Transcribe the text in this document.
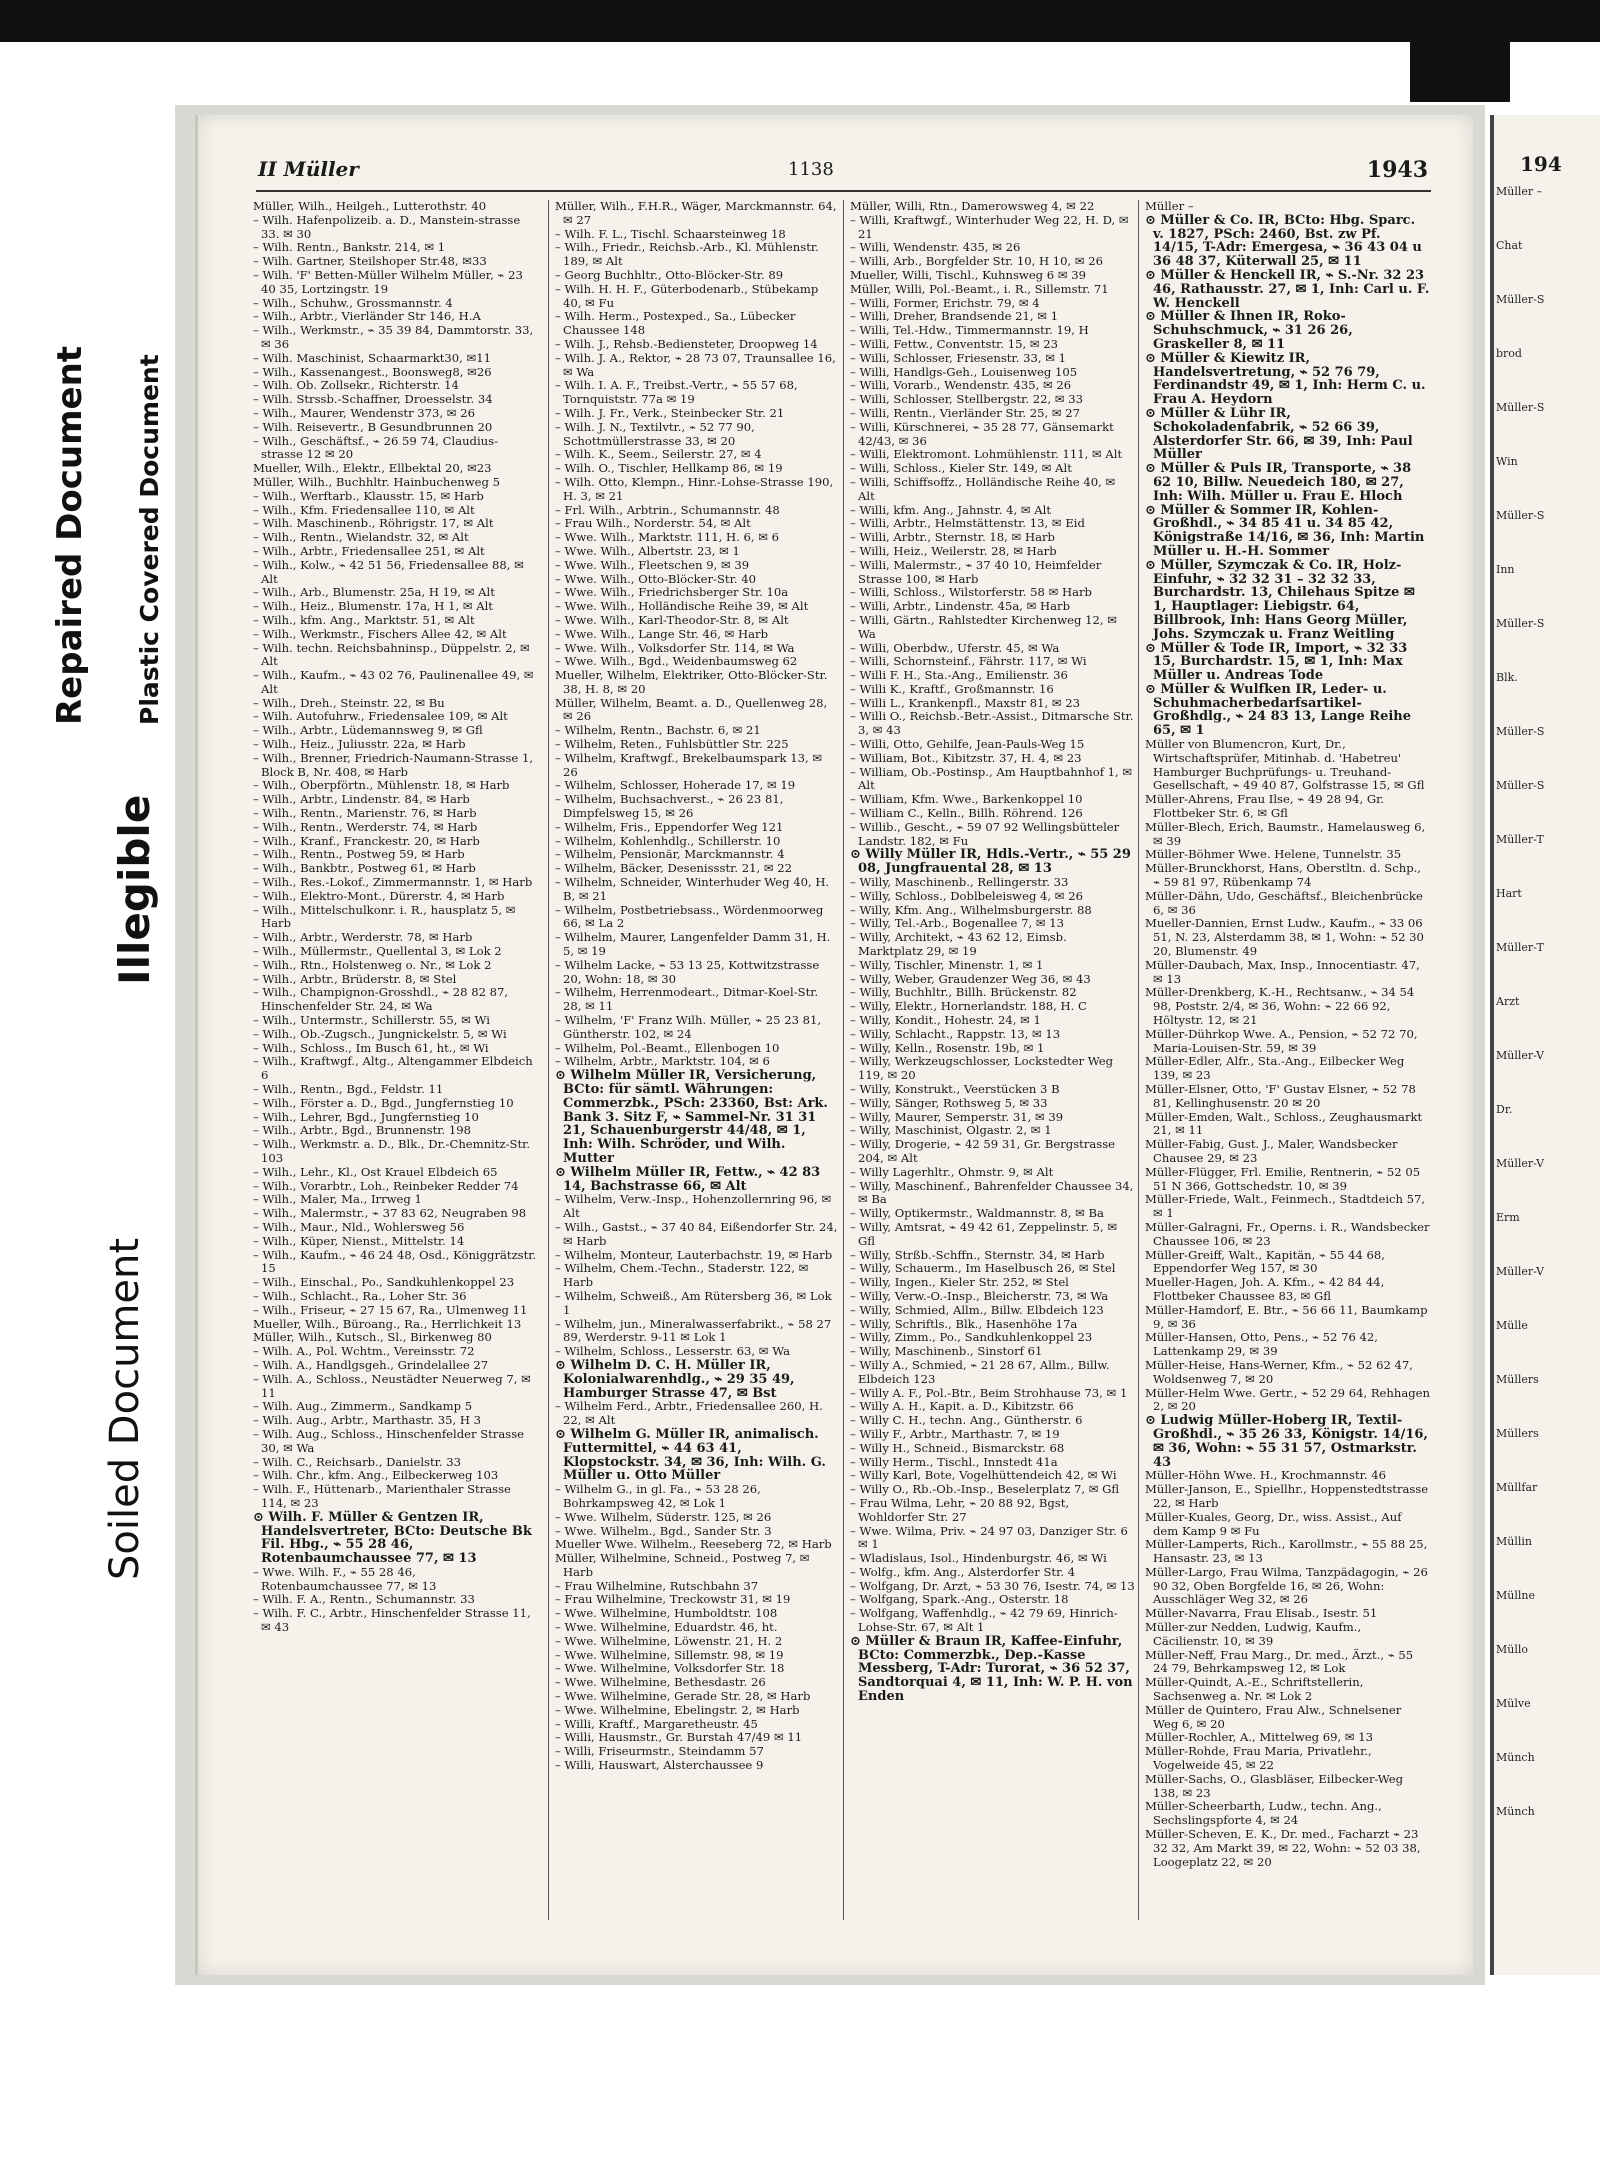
Repaired Document Plastic Covered Document
Illegible
Soiled Document
II Müller	1138	1943

Müller, Wilh., Heilgeh., Lutterothstr. 40

– Wilh. Hafenpolizeib. a. D., Manstein-strasse 33. ✉ 30

– Wilh. Rentn., Bankstr. 214, ✉ 1

– Wilh. Gartner, Steilshoper Str.48, ✉33

– Wilh. 'F' Betten-Müller Wilhelm Müller, ⌁ 23 40 35, Lortzingstr. 19

– Wilh., Schuhw., Grossmannstr. 4

– Wilh., Arbtr., Vierländer Str 146, H.A

– Wilh., Werkmstr., ⌁ 35 39 84, Dammtorstr. 33, ✉ 36

– Wilh. Maschinist, Schaarmarkt30, ✉11

– Wilh., Kassenangest., Boonsweg8, ✉26

– Wilh. Ob. Zollsekr., Richterstr. 14

– Wilh. Strssb.-Schaffner, Droesselstr. 34

– Wilh., Maurer, Wendenstr 373, ✉ 26

– Wilh. Reisevertr., B Gesundbrunnen 20

– Wilh., Geschäftsf., ⌁ 26 59 74, Claudius-strasse 12 ✉ 20

Mueller, Wilh., Elektr., Ellbektal 20, ✉23

Müller, Wilh., Buchhltr. Hainbuchenweg 5

– Wilh., Werftarb., Klausstr. 15, ✉ Harb

– Wilh., Kfm. Friedensallee 110, ✉ Alt

– Wilh. Maschinenb., Röhrigstr. 17, ✉ Alt

– Wilh., Rentn., Wielandstr. 32, ✉ Alt

– Wilh., Arbtr., Friedensallee 251, ✉ Alt

– Wilh., Kolw., ⌁ 42 51 56, Friedensallee 88, ✉ Alt

– Wilh., Arb., Blumenstr. 25a, H 19, ✉ Alt

– Wilh., Heiz., Blumenstr. 17a, H 1, ✉ Alt

– Wilh., kfm. Ang., Marktstr. 51, ✉ Alt

– Wilh., Werkmstr., Fischers Allee 42, ✉ Alt

– Wilh. techn. Reichsbahninsp., Düppelstr. 2, ✉ Alt

– Wilh., Kaufm., ⌁ 43 02 76, Paulinenallee 49, ✉ Alt

– Wilh., Dreh., Steinstr. 22, ✉ Bu

– Wilh. Autofuhrw., Friedensalee 109, ✉ Alt

– Wilh., Arbtr., Lüdemannsweg 9, ✉ Gfl

– Wilh., Heiz., Juliusstr. 22a, ✉ Harb

– Wilh., Brenner, Friedrich-Naumann-Strasse 1, Block B, Nr. 408, ✉ Harb

– Wilh., Oberpförtn., Mühlenstr. 18, ✉ Harb

– Wilh., Arbtr., Lindenstr. 84, ✉ Harb

– Wilh., Rentn., Marienstr. 76, ✉ Harb

– Wilh., Rentn., Werderstr. 74, ✉ Harb

– Wilh., Kranf., Franckestr. 20, ✉ Harb

– Wilh., Rentn., Postweg 59, ✉ Harb

– Wilh., Bankbtr., Postweg 61, ✉ Harb

– Wilh., Res.-Lokof., Zimmermannstr. 1, ✉ Harb

– Wilh., Elektro-Mont., Dürerstr. 4, ✉ Harb

– Wilh., Mittelschulkonr. i. R., hausplatz 5, ✉ Harb

– Wilh., Arbtr., Werderstr. 78, ✉ Harb

– Wilh., Müllermstr., Quellental 3, ✉ Lok 2

– Wilh., Rtn., Holstenweg o. Nr., ✉ Lok 2

– Wilh., Arbtr., Brüderstr. 8, ✉ Stel

– Wilh., Champignon-Grosshdl., ⌁ 28 82 87, Hinschenfelder Str. 24, ✉ Wa

– Wilh., Untermstr., Schillerstr. 55, ✉ Wi

– Wilh., Ob.-Zugsch., Jungnickelstr. 5, ✉ Wi

– Wilh., Schloss., Im Busch 61, ht., ✉ Wi

– Wilh., Kraftwgf., Altg., Altengammer Elbdeich 6

– Wilh., Rentn., Bgd., Feldstr. 11

– Wilh., Förster a. D., Bgd., Jungfernstieg 10

– Wilh., Lehrer, Bgd., Jungfernstieg 10

– Wilh., Arbtr., Bgd., Brunnenstr. 198

– Wilh., Werkmstr. a. D., Blk., Dr.-Chemnitz-Str. 103

– Wilh., Lehr., Kl., Ost Krauel Elbdeich 65

– Wilh., Vorarbtr., Loh., Reinbeker Redder 74

– Wilh., Maler, Ma., Irrweg 1

– Wilh., Malermstr., ⌁ 37 83 62, Neugraben 98

– Wilh., Maur., Nld., Wohlersweg 56

– Wilh., Küper, Nienst., Mittelstr. 14

– Wilh., Kaufm., ⌁ 46 24 48, Osd., Königgrätzstr. 15

– Wilh., Einschal., Po., Sandkuhlenkoppel 23

– Wilh., Schlacht., Ra., Loher Str. 36

– Wilh., Friseur, ⌁ 27 15 67, Ra., Ulmenweg 11

Mueller, Wilh., Büroang., Ra., Herrlichkeit 13

Müller, Wilh., Kutsch., Sl., Birkenweg 80

– Wilh. A., Pol. Wchtm., Vereinsstr. 72

– Wilh. A., Handlgsgeh., Grindelallee 27

– Wilh. A., Schloss., Neustädter Neuerweg 7, ✉ 11

– Wilh. Aug., Zimmerm., Sandkamp 5

– Wilh. Aug., Arbtr., Marthastr. 35, H 3

– Wilh. Aug., Schloss., Hinschenfelder Strasse 30, ✉ Wa

– Wilh. C., Reichsarb., Danielstr. 33

– Wilh. Chr., kfm. Ang., Eilbeckerweg 103

– Wilh. F., Hüttenarb., Marienthaler Strasse 114, ✉ 23

⊙ Wilh. F. Müller & Gentzen IR, Handelsvertreter, BCto: Deutsche Bk Fil. Hbg., ⌁ 55 28 46, Rotenbaumchaussee 77, ✉ 13

– Wwe. Wilh. F., ⌁ 55 28 46, Rotenbaumchaussee 77, ✉ 13

– Wilh. F. A., Rentn., Schumannstr. 33

– Wilh. F. C., Arbtr., Hinschenfelder Strasse 11, ✉ 43

Müller, Wilh., F.H.R., Wäger, Marckmannstr. 64, ✉ 27

– Wilh. F. L., Tischl. Schaarsteinweg 18

– Wilh., Friedr., Reichsb.-Arb., Kl. Mühlenstr. 189, ✉ Alt

– Georg Buchhltr., Otto-Blöcker-Str. 89

– Wilh. H. H. F., Güterbodenarb., Stübekamp 40, ✉ Fu

– Wilh. Herm., Postexped., Sa., Lübecker Chaussee 148

– Wilh. J., Rehsb.-Bediensteter, Droopweg 14

– Wilh. J. A., Rektor, ⌁ 28 73 07, Traunsallee 16, ✉ Wa

– Wilh. I. A. F., Treibst.-Vertr., ⌁ 55 57 68, Tornquiststr. 77a ✉ 19

– Wilh. J. Fr., Verk., Steinbecker Str. 21

– Wilh. J. N., Textilvtr., ⌁ 52 77 90, Schottmüllerstrasse 33, ✉ 20

– Wilh. K., Seem., Seilerstr. 27, ✉ 4

– Wilh. O., Tischler, Hellkamp 86, ✉ 19

– Wilh. Otto, Klempn., Hinr.-Lohse-Strasse 190, H. 3, ✉ 21

– Frl. Wilh., Arbtrin., Schumannstr. 48

– Frau Wilh., Norderstr. 54, ✉ Alt

– Wwe. Wilh., Marktstr. 111, H. 6, ✉ 6

– Wwe. Wilh., Albertstr. 23, ✉ 1

– Wwe. Wilh., Fleetschen 9, ✉ 39

– Wwe. Wilh., Otto-Blöcker-Str. 40

– Wwe. Wilh., Friedrichsberger Str. 10a

– Wwe. Wilh., Holländische Reihe 39, ✉ Alt

– Wwe. Wilh., Karl-Theodor-Str. 8, ✉ Alt

– Wwe. Wilh., Lange Str. 46, ✉ Harb

– Wwe. Wilh., Volksdorfer Str. 114, ✉ Wa

– Wwe. Wilh., Bgd., Weidenbaumsweg 62

Mueller, Wilhelm, Elektriker, Otto-Blöcker-Str. 38, H. 8, ✉ 20

Müller, Wilhelm, Beamt. a. D., Quellenweg 28, ✉ 26

– Wilhelm, Rentn., Bachstr. 6, ✉ 21

– Wilhelm, Reten., Fuhlsbüttler Str. 225

– Wilhelm, Kraftwgf., Brekelbaumspark 13, ✉ 26

– Wilhelm, Schlosser, Hoherade 17, ✉ 19

– Wilhelm, Buchsachverst., ⌁ 26 23 81, Dimpfelsweg 15, ✉ 26

– Wilhelm, Fris., Eppendorfer Weg 121

– Wilhelm, Kohlenhdlg., Schillerstr. 10

– Wilhelm, Pensionär, Marckmannstr. 4

– Wilhelm, Bäcker, Desenissstr. 21, ✉ 22

– Wilhelm, Schneider, Winterhuder Weg 40, H. B, ✉ 21

– Wilhelm, Postbetriebsass., Wördenmoorweg 66, ✉ La 2

– Wilhelm, Maurer, Langenfelder Damm 31, H. 5, ✉ 19

– Wilhelm Lacke, ⌁ 53 13 25, Kottwitzstrasse 20, Wohn: 18, ✉ 30

– Wilhelm, Herrenmodeart., Ditmar-Koel-Str. 28, ✉ 11

– Wilhelm, 'F' Franz Wilh. Müller, ⌁ 25 23 81, Güntherstr. 102, ✉ 24

– Wilhelm, Pol.-Beamt., Ellenbogen 10

– Wilhelm, Arbtr., Marktstr. 104, ✉ 6

⊙ Wilhelm Müller IR, Versicherung, BCto: für sämtl. Währungen: Commerzbk., PSch: 23360, Bst: Ark. Bank 3. Sitz F, ⌁ Sammel-Nr. 31 31 21, Schauenburgerstr 44/48, ✉ 1, Inh: Wilh. Schröder, und Wilh. Mutter

⊙ Wilhelm Müller IR, Fettw., ⌁ 42 83 14, Bachstrasse 66, ✉ Alt

– Wilhelm, Verw.-Insp., Hohenzollernring 96, ✉ Alt

– Wilh., Gastst., ⌁ 37 40 84, Eißendorfer Str. 24, ✉ Harb

– Wilhelm, Monteur, Lauterbachstr. 19, ✉ Harb

– Wilhelm, Chem.-Techn., Staderstr. 122, ✉ Harb

– Wilhelm, Schweiß., Am Rütersberg 36, ✉ Lok 1

– Wilhelm, jun., Mineralwasserfabrikt., ⌁ 58 27 89, Werderstr. 9-11 ✉ Lok 1

– Wilhelm, Schloss., Lesserstr. 63, ✉ Wa

⊙ Wilhelm D. C. H. Müller IR, Kolonialwarenhdlg., ⌁ 29 35 49, Hamburger Strasse 47, ✉ Bst

– Wilhelm Ferd., Arbtr., Friedensallee 260, H. 22, ✉ Alt

⊙ Wilhelm G. Müller IR, animalisch. Futtermittel, ⌁ 44 63 41, Klopstockstr. 34, ✉ 36, Inh: Wilh. G. Müller u. Otto Müller

– Wilhelm G., in gl. Fa., ⌁ 53 28 26, Bohrkampsweg 42, ✉ Lok 1

– Wwe. Wilhelm, Süderstr. 125, ✉ 26

– Wwe. Wilhelm., Bgd., Sander Str. 3

Mueller Wwe. Wilhelm., Reeseberg 72, ✉ Harb

Müller, Wilhelmine, Schneid., Postweg 7, ✉ Harb

– Frau Wilhelmine, Rutschbahn 37

– Frau Wilhelmine, Treckowstr 31, ✉ 19

– Wwe. Wilhelmine, Humboldtstr. 108

– Wwe. Wilhelmine, Eduardstr. 46, ht.

– Wwe. Wilhelmine, Löwenstr. 21, H. 2

– Wwe. Wilhelmine, Sillemstr. 98, ✉ 19

– Wwe. Wilhelmine, Volksdorfer Str. 18

– Wwe. Wilhelmine, Bethesdastr. 26

– Wwe. Wilhelmine, Gerade Str. 28, ✉ Harb

– Wwe. Wilhelmine, Ebelingstr. 2, ✉ Harb

– Willi, Kraftf., Margaretheustr. 45

– Willi, Hausmstr., Gr. Burstah 47/49 ✉ 11

– Willi, Friseurmstr., Steindamm 57

– Willi, Hauswart, Alsterchaussee 9

Müller, Willi, Rtn., Damerowsweg 4, ✉ 22

– Willi, Kraftwgf., Winterhuder Weg 22, H. D, ✉ 21

– Willi, Wendenstr. 435, ✉ 26

– Willi, Arb., Borgfelder Str. 10, H 10, ✉ 26

Mueller, Willi, Tischl., Kuhnsweg 6 ✉ 39

Müller, Willi, Pol.-Beamt., i. R., Sillemstr. 71

– Willi, Former, Erichstr. 79, ✉ 4

– Willi, Dreher, Brandsende 21, ✉ 1

– Willi, Tel.-Hdw., Timmermannstr. 19, H

– Willi, Fettw., Conventstr. 15, ✉ 23

– Willi, Schlosser, Friesenstr. 33, ✉ 1

– Willi, Handlgs-Geh., Louisenweg 105

– Willi, Vorarb., Wendenstr. 435, ✉ 26

– Willi, Schlosser, Stellbergstr. 22, ✉ 33

– Willi, Rentn., Vierländer Str. 25, ✉ 27

– Willi, Kürschnerei, ⌁ 35 28 77, Gänsemarkt 42/43, ✉ 36

– Willi, Elektromont. Lohmühlenstr. 111, ✉ Alt

– Willi, Schloss., Kieler Str. 149, ✉ Alt

– Willi, Schiffsoffz., Holländische Reihe 40, ✉ Alt

– Willi, kfm. Ang., Jahnstr. 4, ✉ Alt

– Willi, Arbtr., Helmstättenstr. 13, ✉ Eid

– Willi, Arbtr., Sternstr. 18, ✉ Harb

– Willi, Heiz., Weilerstr. 28, ✉ Harb

– Willi, Malermstr., ⌁ 37 40 10, Heimfelder Strasse 100, ✉ Harb

– Willi, Schloss., Wilstorferstr. 58 ✉ Harb

– Willi, Arbtr., Lindenstr. 45a, ✉ Harb

– Willi, Gärtn., Rahlstedter Kirchenweg 12, ✉ Wa

– Willi, Oberbdw., Uferstr. 45, ✉ Wa

– Willi, Schornsteinf., Fährstr. 117, ✉ Wi

– Willi F. H., Sta.-Ang., Emilienstr. 36

– Willi K., Kraftf., Großmannstr. 16

– Willi L., Krankenpfl., Maxstr 81, ✉ 23

– Willi O., Reichsb.-Betr.-Assist., Ditmarsche Str. 3, ✉ 43

– Willi, Otto, Gehilfe, Jean-Pauls-Weg 15

– William, Bot., Kibitzstr. 37, H. 4, ✉ 23

– William, Ob.-Postinsp., Am Hauptbahnhof 1, ✉ Alt

– William, Kfm. Wwe., Barkenkoppel 10

– William C., Kelln., Billh. Röhrend. 126

– Willib., Gescht., ⌁ 59 07 92 Wellingsbütteler Landstr. 182, ✉ Fu

⊙ Willy Müller IR, Hdls.-Vertr., ⌁ 55 29 08, Jungfrauental 28, ✉ 13

– Willy, Maschinenb., Rellingerstr. 33

– Willy, Schloss., Doblbeleisweg 4, ✉ 26

– Willy, Kfm. Ang., Wilhelmsburgerstr. 88

– Willy, Tel.-Arb., Bogenallee 7, ✉ 13

– Willy, Architekt, ⌁ 43 62 12, Eimsb. Marktplatz 29, ✉ 19

– Willy, Tischler, Minenstr. 1, ✉ 1

– Willy, Weber, Graudenzer Weg 36, ✉ 43

– Willy, Buchhltr., Billh. Brückenstr. 82

– Willy, Elektr., Hornerlandstr. 188, H. C

– Willy, Kondit., Hohestr. 24, ✉ 1

– Willy, Schlacht., Rappstr. 13, ✉ 13

– Willy, Kelln., Rosenstr. 19b, ✉ 1

– Willy, Werkzeugschlosser, Lockstedter Weg 119, ✉ 20

– Willy, Konstrukt., Veerstücken 3 B

– Willy, Sänger, Rothsweg 5, ✉ 33

– Willy, Maurer, Semperstr. 31, ✉ 39

– Willy, Maschinist, Olgastr. 2, ✉ 1

– Willy, Drogerie, ⌁ 42 59 31, Gr. Bergstrasse 204, ✉ Alt

– Willy Lagerhltr., Ohmstr. 9, ✉ Alt

– Willy, Maschinenf., Bahrenfelder Chaussee 34, ✉ Ba

– Willy, Optikermstr., Waldmannstr. 8, ✉ Ba

– Willy, Amtsrat, ⌁ 49 42 61, Zeppelinstr. 5, ✉ Gfl

– Willy, Strßb.-Schffn., Sternstr. 34, ✉ Harb

– Willy, Schauerm., Im Haselbusch 26, ✉ Stel

– Willy, Ingen., Kieler Str. 252, ✉ Stel

– Willy, Verw.-O.-Insp., Bleicherstr. 73, ✉ Wa

– Willy, Schmied, Allm., Billw. Elbdeich 123

– Willy, Schriftls., Blk., Hasenhöhe 17a

– Willy, Zimm., Po., Sandkuhlenkoppel 23

– Willy, Maschinenb., Sinstorf 61

– Willy A., Schmied, ⌁ 21 28 67, Allm., Billw. Elbdeich 123

– Willy A. F., Pol.-Btr., Beim Strohhause 73, ✉ 1

– Willy A. H., Kapit. a. D., Kibitzstr. 66

– Willy C. H., techn. Ang., Güntherstr. 6

– Willy F., Arbtr., Marthastr. 7, ✉ 19

– Willy H., Schneid., Bismarckstr. 68

– Willy Herm., Tischl., Innstedt 41a

– Willy Karl, Bote, Vogelhüttendeich 42, ✉ Wi

– Willy O., Rb.-Ob.-Insp., Beselerplatz 7, ✉ Gfl

– Frau Wilma, Lehr, ⌁ 20 88 92, Bgst, Wohldorfer Str. 27

– Wwe. Wilma, Priv. ⌁ 24 97 03, Danziger Str. 6 ✉ 1

– Wladislaus, Isol., Hindenburgstr. 46, ✉ Wi

– Wolfg., kfm. Ang., Alsterdorfer Str. 4

– Wolfgang, Dr. Arzt, ⌁ 53 30 76, Isestr. 74, ✉ 13

– Wolfgang, Spark.-Ang., Osterstr. 18

– Wolfgang, Waffenhdlg., ⌁ 42 79 69, Hinrich-Lohse-Str. 67, ✉ Alt 1

⊙ Müller & Braun IR, Kaffee-Einfuhr, BCto: Commerzbk., Dep.-Kasse Messberg, T-Adr: Turorat, ⌁ 36 52 37, Sandtorquai 4, ✉ 11, Inh: W. P. H. von Enden

Müller –

⊙ Müller & Co. IR, BCto: Hbg. Sparc. v. 1827, PSch: 2460, Bst. zw Pf. 14/15, T-Adr: Emergesa, ⌁ 36 43 04 u 36 48 37, Küterwall 25, ✉ 11

⊙ Müller & Henckell IR, ⌁ S.-Nr. 32 23 46, Rathausstr. 27, ✉ 1, Inh: Carl u. F. W. Henckell

⊙ Müller & Ihnen IR, Roko-Schuhschmuck, ⌁ 31 26 26, Graskeller 8, ✉ 11

⊙ Müller & Kiewitz IR, Handelsvertretung, ⌁ 52 76 79, Ferdinandstr 49, ✉ 1, Inh: Herm C. u. Frau A. Heydorn

⊙ Müller & Lühr IR, Schokoladenfabrik, ⌁ 52 66 39, Alsterdorfer Str. 66, ✉ 39, Inh: Paul Müller

⊙ Müller & Puls IR, Transporte, ⌁ 38 62 10, Billw. Neuedeich 180, ✉ 27, Inh: Wilh. Müller u. Frau E. Hloch

⊙ Müller & Sommer IR, Kohlen-Großhdl., ⌁ 34 85 41 u. 34 85 42, Königstraße 14/16, ✉ 36, Inh: Martin Müller u. H.-H. Sommer

⊙ Müller, Szymczak & Co. IR, Holz-Einfuhr, ⌁ 32 32 31 – 32 32 33, Burchardstr. 13, Chilehaus Spitze ✉ 1, Hauptlager: Liebigstr. 64, Billbrook, Inh: Hans Georg Müller, Johs. Szymczak u. Franz Weitling

⊙ Müller & Tode IR, Import, ⌁ 32 33 15, Burchardstr. 15, ✉ 1, Inh: Max Müller u. Andreas Tode

⊙ Müller & Wulfken IR, Leder- u. Schuhmacherbedarfsartikel-Großhdlg., ⌁ 24 83 13, Lange Reihe 65, ✉ 1

Müller von Blumencron, Kurt, Dr., Wirtschaftsprüfer, Mitinhab. d. 'Habetreu' Hamburger Buchprüfungs- u. Treuhand-Gesellschaft, ⌁ 49 40 87, Golfstrasse 15, ✉ Gfl

Müller-Ahrens, Frau Ilse, ⌁ 49 28 94, Gr. Flottbeker Str. 6, ✉ Gfl

Müller-Blech, Erich, Baumstr., Hamelausweg 6, ✉ 39

Müller-Böhmer Wwe. Helene, Tunnelstr. 35

Müller-Brunckhorst, Hans, Oberstltn. d. Schp., ⌁ 59 81 97, Rübenkamp 74

Müller-Dähn, Udo, Geschäftsf., Bleichenbrücke 6, ✉ 36

Mueller-Dannien, Ernst Ludw., Kaufm., ⌁ 33 06 51, N. 23, Alsterdamm 38, ✉ 1, Wohn: ⌁ 52 30 20, Blumenstr. 49

Müller-Daubach, Max, Insp., Innocentiastr. 47, ✉ 13

Müller-Drenkberg, K.-H., Rechtsanw., ⌁ 34 54 98, Poststr. 2/4, ✉ 36, Wohn: ⌁ 22 66 92, Höltystr. 12, ✉ 21

Müller-Dührkop Wwe. A., Pension, ⌁ 52 72 70, Maria-Louisen-Str. 59, ✉ 39

Müller-Edler, Alfr., Sta.-Ang., Eilbecker Weg 139, ✉ 23

Müller-Elsner, Otto, 'F' Gustav Elsner, ⌁ 52 78 81, Kellinghusenstr. 20 ✉ 20

Müller-Emden, Walt., Schloss., Zeughausmarkt 21, ✉ 11

Müller-Fabig, Gust. J., Maler, Wandsbecker Chausee 29, ✉ 23

Müller-Flügger, Frl. Emilie, Rentnerin, ⌁ 52 05 51 N 366, Gottschedstr. 10, ✉ 39

Müller-Friede, Walt., Feinmech., Stadtdeich 57, ✉ 1

Müller-Galragni, Fr., Operns. i. R., Wandsbecker Chaussee 106, ✉ 23

Müller-Greiff, Walt., Kapitän, ⌁ 55 44 68, Eppendorfer Weg 157, ✉ 30

Mueller-Hagen, Joh. A. Kfm., ⌁ 42 84 44, Flottbeker Chaussee 83, ✉ Gfl

Müller-Hamdorf, E. Btr., ⌁ 56 66 11, Baumkamp 9, ✉ 36

Müller-Hansen, Otto, Pens., ⌁ 52 76 42, Lattenkamp 29, ✉ 39

Müller-Heise, Hans-Werner, Kfm., ⌁ 52 62 47, Woldsenweg 7, ✉ 20

Müller-Helm Wwe. Gertr., ⌁ 52 29 64, Rehhagen 2, ✉ 20

⊙ Ludwig Müller-Hoberg IR, Textil-Großhdl., ⌁ 35 26 33, Königstr. 14/16, ✉ 36, Wohn: ⌁ 55 31 57, Ostmarkstr. 43

Müller-Höhn Wwe. H., Krochmannstr. 46

Müller-Janson, E., Spiellhr., Hoppenstedtstrasse 22, ✉ Harb

Müller-Kuales, Georg, Dr., wiss. Assist., Auf dem Kamp 9 ✉ Fu

Müller-Lamperts, Rich., Karollmstr., ⌁ 55 88 25, Hansastr. 23, ✉ 13

Müller-Largo, Frau Wilma, Tanzpädagogin, ⌁ 26 90 32, Oben Borgfelde 16, ✉ 26, Wohn: Ausschläger Weg 32, ✉ 26

Müller-Navarra, Frau Elisab., Isestr. 51

Müller-zur Nedden, Ludwig, Kaufm., Cäcilienstr. 10, ✉ 39

Müller-Neff, Frau Marg., Dr. med., Ärzt., ⌁ 55 24 79, Behrkampsweg 12, ✉ Lok

Müller-Quindt, A.-E., Schriftstellerin, Sachsenweg a. Nr. ✉ Lok 2

Müller de Quintero, Frau Alw., Schnelsener Weg 6, ✉ 20

Müller-Rochler, A., Mittelweg 69, ✉ 13

Müller-Rohde, Frau Maria, Privatlehr., Vogelweide 45, ✉ 22

Müller-Sachs, O., Glasbläser, Eilbecker-Weg 138, ✉ 23

Müller-Scheerbarth, Ludw., techn. Ang., Sechslingspforte 4, ✉ 24

Müller-Scheven, E. K., Dr. med., Facharzt ⌁ 23 32 32, Am Markt 39, ✉ 22, Wohn: ⌁ 52 03 38, Loogeplatz 22, ✉ 20

194
Müller –
Chat
Müller-S
brod
Müller-S
Win
Müller-S
Inn
Müller-S
Blk.
Müller-S
Müller-S
Müller-T
Hart
Müller-T
Arzt
Müller-V
Dr.
Müller-V
Erm
Müller-V
Mülle
Müllers
Müllers
Müllfar
Müllin
Müllne
Müllo
Mülve
Münch
Münch
